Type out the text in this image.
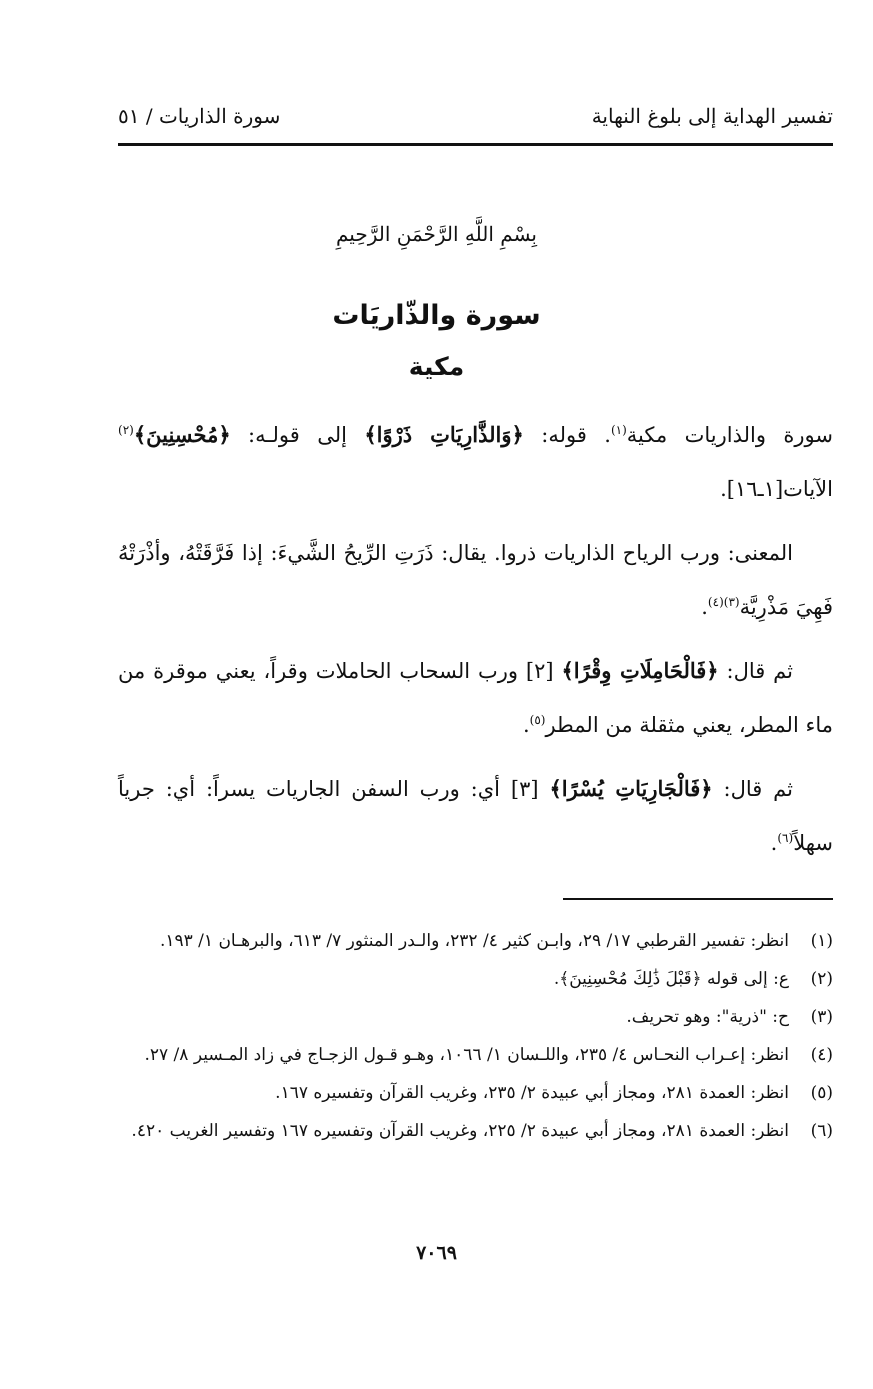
تفسير الهداية إلى بلوغ النهاية
سورة الذاريات / ٥١
بِسْمِ اللَّهِ الرَّحْمَنِ الرَّحِيمِ
سورة والذّاريَات
مكية

سورة والذاريات مكية$^{(١)}$. قوله: ﴿وَالذَّارِيَاتِ ذَرْوًا﴾ إلى قولـه: ﴿مُحْسِنِينَ﴾$^{(٢)}$ الآيات[١ـ١٦].

المعنى: ورب الرياح الذاريات ذروا. يقال: ذَرَتِ الرِّيحُ الشَّيءَ: إذا فَرَّقَتْهُ، وأذْرَتْهُ فَهِيَ مَذْرِيَّة$^{(٣)(٤)}$.

ثم قال: ﴿فَالْحَامِلَاتِ وِقْرًا﴾ [٢] ورب السحاب الحاملات وقراً، يعني موقرة من ماء المطر، يعني مثقلة من المطر$^{(٥)}$.

ثم قال: ﴿فَالْجَارِيَاتِ يُسْرًا﴾ [٣] أي: ورب السفن الجاريات يسراً: أي: جرياً سهلاً$^{(٦)}$.

(١)
انظر: تفسير القرطبي ١٧/ ٢٩، وابـن كثير ٤/ ٢٣٢، والـدر المنثور ٧/ ٦١٣، والبرهـان ١/ ١٩٣.
(٢)
ع: إلى قوله ﴿قَبْلَ ذَٰلِكَ مُحْسِنِينَ﴾.
(٣)
ح: "ذرية": وهو تحريف.
(٤)
انظر: إعـراب النحـاس ٤/ ٢٣٥، واللـسان ١/ ١٠٦٦، وهـو قـول الزجـاج في زاد المـسير ٨/ ٢٧.
(٥)
انظر: العمدة ٢٨١، ومجاز أبي عبيدة ٢/ ٢٣٥، وغريب القرآن وتفسيره ١٦٧.
(٦)
انظر: العمدة ٢٨١، ومجاز أبي عبيدة ٢/ ٢٢٥، وغريب القرآن وتفسيره ١٦٧ وتفسير الغريب ٤٢٠.
٧٠٦٩
